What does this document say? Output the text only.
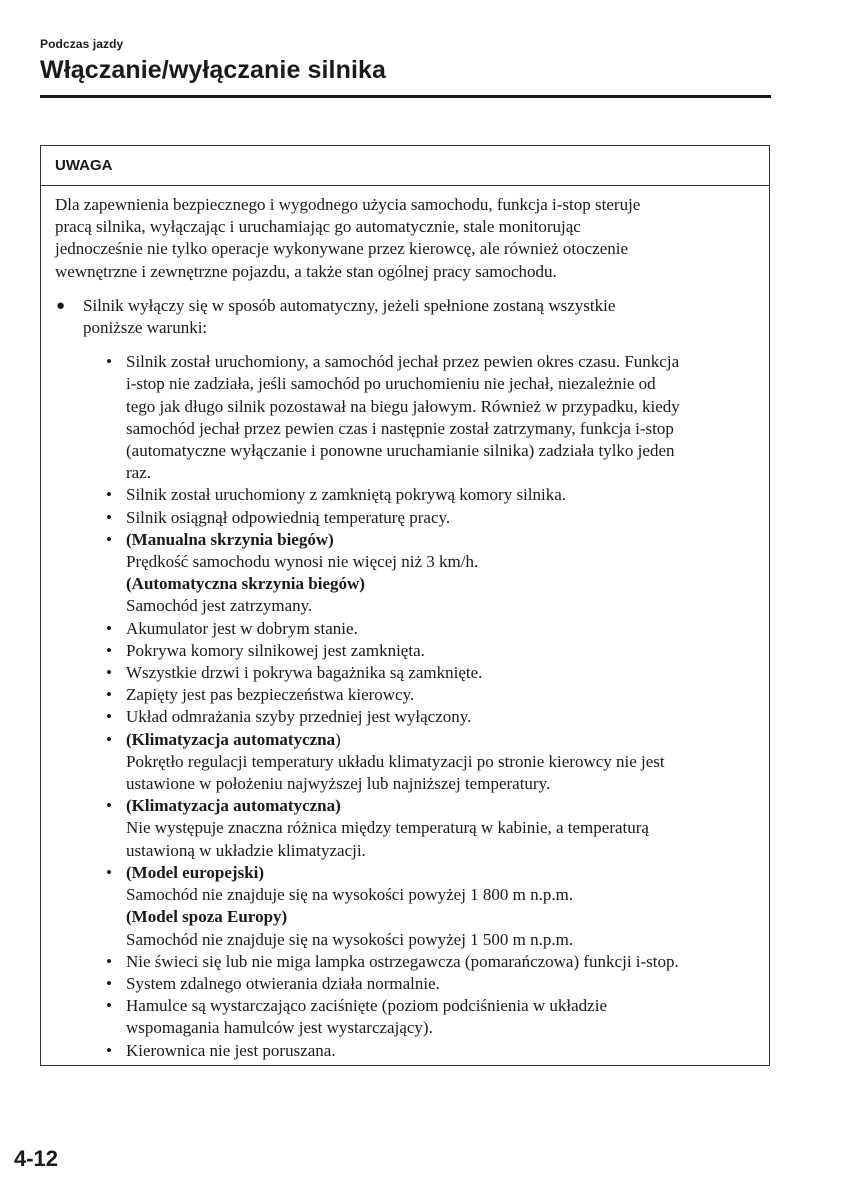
Podczas jazdy
Włączanie/wyłączanie silnika
UWAGA

Dla zapewnienia bezpiecznego i wygodnego użycia samochodu, funkcja i-stop steruje
pracą silnika, wyłączając i uruchamiając go automatycznie, stale monitorując
jednocześnie nie tylko operacje wykonywane przez kierowcę, ale również otoczenie
wewnętrzne i zewnętrzne pojazdu, a także stan ogólnej pracy samochodu.

● Silnik wyłączy się w sposób automatyczny, jeżeli spełnione zostaną wszystkie
poniższe warunki:
• Silnik został uruchomiony, a samochód jechał przez pewien okres czasu. Funkcja
i-stop nie zadziała, jeśli samochód po uruchomieniu nie jechał, niezależnie od
tego jak długo silnik pozostawał na biegu jałowym. Również w przypadku, kiedy
samochód jechał przez pewien czas i następnie został zatrzymany, funkcja i-stop
(automatyczne wyłączanie i ponowne uruchamianie silnika) zadziała tylko jeden
raz.
• Silnik został uruchomiony z zamkniętą pokrywą komory silnika.
• Silnik osiągnął odpowiednią temperaturę pracy.
• (Manualna skrzynia biegów)
Prędkość samochodu wynosi nie więcej niż 3 km/h.
(Automatyczna skrzynia biegów)
Samochód jest zatrzymany.
• Akumulator jest w dobrym stanie.
• Pokrywa komory silnikowej jest zamknięta.
• Wszystkie drzwi i pokrywa bagażnika są zamknięte.
• Zapięty jest pas bezpieczeństwa kierowcy.
• Układ odmrażania szyby przedniej jest wyłączony.
• (Klimatyzacja automatyczna)
Pokrętło regulacji temperatury układu klimatyzacji po stronie kierowcy nie jest
ustawione w położeniu najwyższej lub najniższej temperatury.
• (Klimatyzacja automatyczna)
Nie występuje znaczna różnica między temperaturą w kabinie, a temperaturą
ustawioną w układzie klimatyzacji.
• (Model europejski)
Samochód nie znajduje się na wysokości powyżej 1 800 m n.p.m.
(Model spoza Europy)
Samochód nie znajduje się na wysokości powyżej 1 500 m n.p.m.
• Nie świeci się lub nie miga lampka ostrzegawcza (pomarańczowa) funkcji i-stop.
• System zdalnego otwierania działa normalnie.
• Hamulce są wystarczająco zaciśnięte (poziom podciśnienia w układzie
wspomagania hamulców jest wystarczający).
• Kierownica nie jest poruszana.
4-12
